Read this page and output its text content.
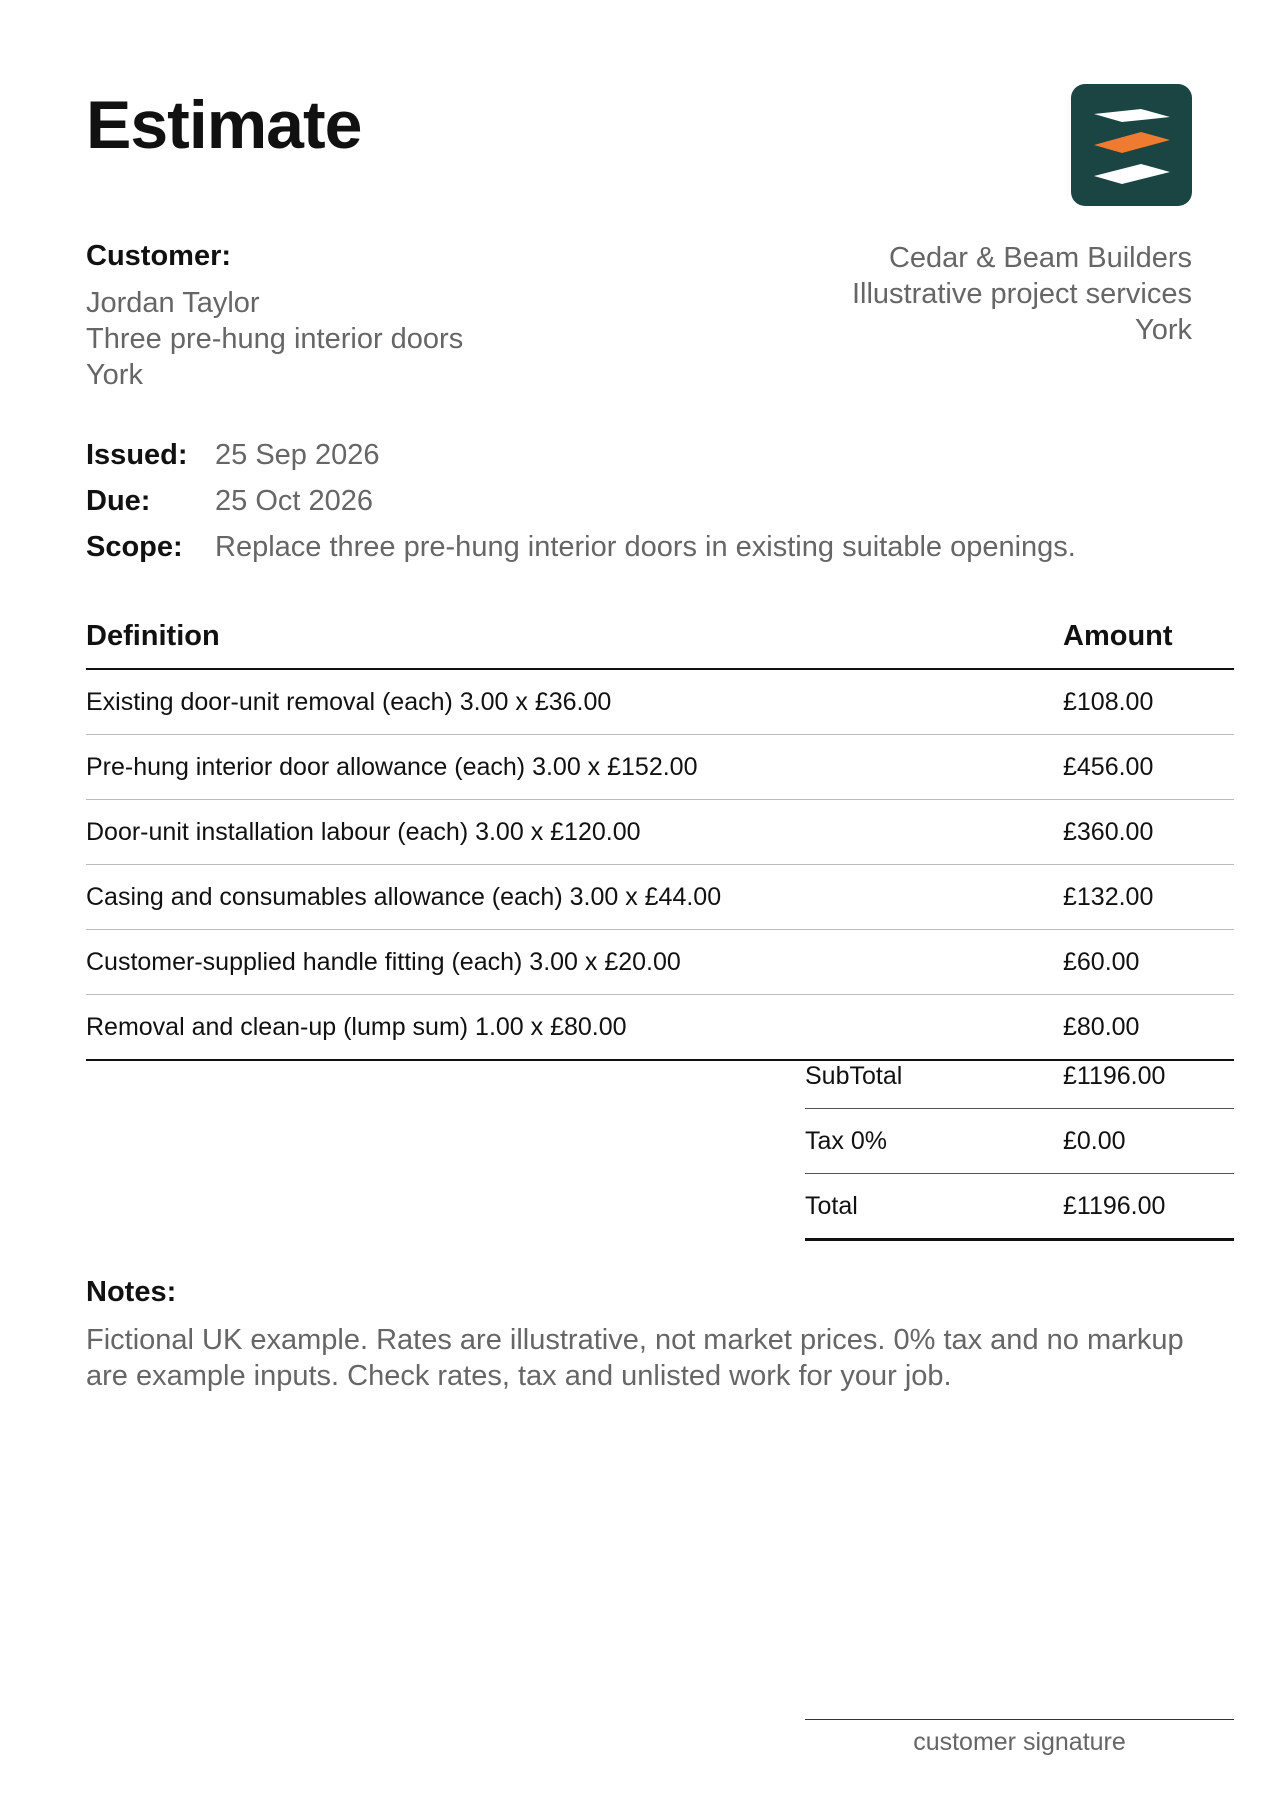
Estimate
Customer:
Jordan Taylor
Three pre-hung interior doors
York
Cedar & Beam Builders
Illustrative project services
York
Issued: 25 Sep 2026
Due:	25 Oct 2026
Scope:	Replace three pre-hung interior doors in existing suitable openings.
Definition	Amount
Existing door-unit removal (each) 3.00 x £36.00	£108.00
Pre-hung interior door allowance (each) 3.00 x £152.00	£456.00
Door-unit installation labour (each) 3.00 x £120.00	£360.00
Casing and consumables allowance (each) 3.00 x £44.00	£132.00
Customer-supplied handle fitting (each) 3.00 x £20.00	£60.00
Removal and clean-up (lump sum) 1.00 x £80.00	£80.00
SubTotal	£1196.00
Tax 0%	£0.00
Total	£1196.00
Notes:
Fictional UK example. Rates are illustrative, not market prices. 0% tax and no markup are example inputs. Check rates, tax and unlisted work for your job.
customer signature
